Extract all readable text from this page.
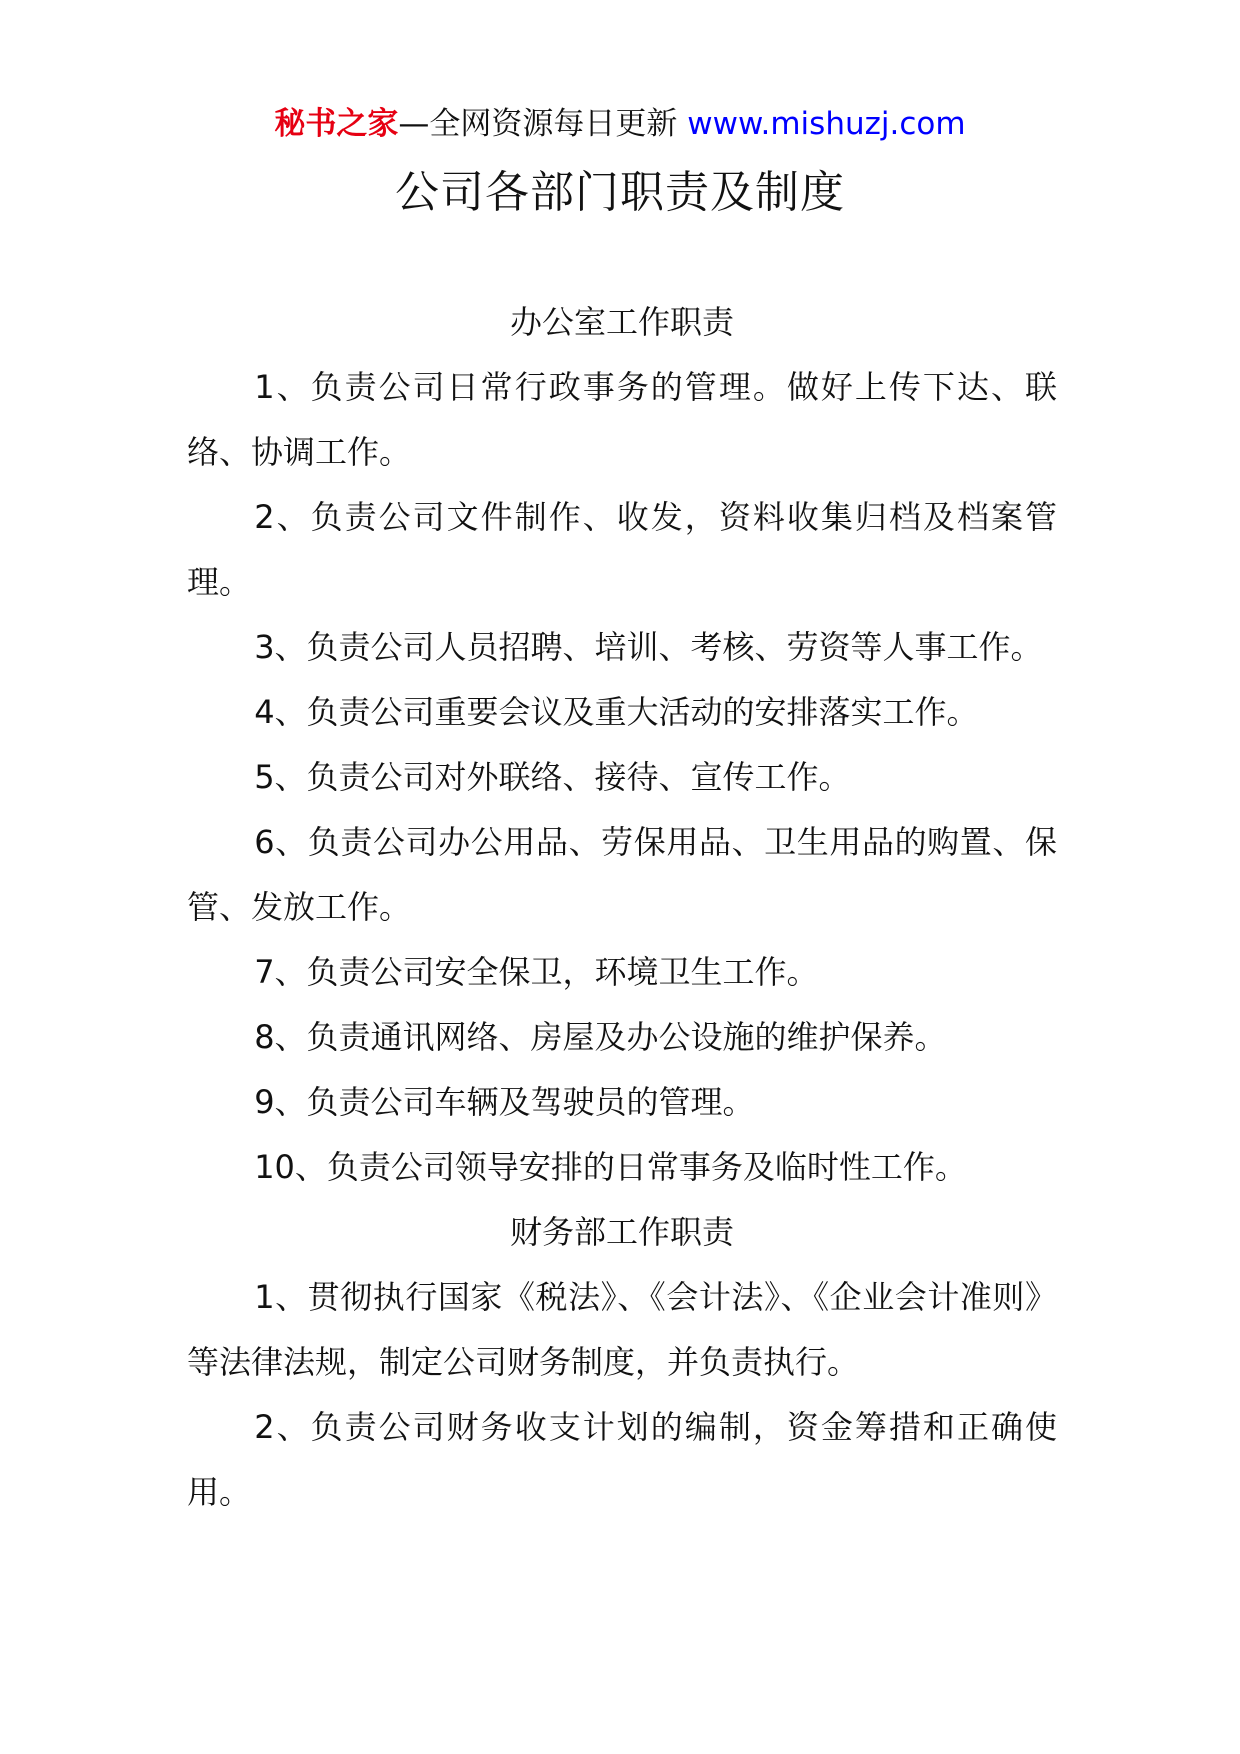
秘书之家—全网资源每日更新 www.mishuzj.com
公司各部门职责及制度

办公室工作职责

1、负责公司日常行政事务的管理。做好上传下达、联络、协调工作。

2、负责公司文件制作、收发，资料收集归档及档案管理。

3、负责公司人员招聘、培训、考核、劳资等人事工作。

4、负责公司重要会议及重大活动的安排落实工作。

5、负责公司对外联络、接待、宣传工作。

6、负责公司办公用品、劳保用品、卫生用品的购置、保管、发放工作。

7、负责公司安全保卫，环境卫生工作。

8、负责通讯网络、房屋及办公设施的维护保养。

9、负责公司车辆及驾驶员的管理。

10、负责公司领导安排的日常事务及临时性工作。

财务部工作职责

1、贯彻执行国家《税法》、《会计法》、《企业会计准则》等法律法规，制定公司财务制度，并负责执行。

2、负责公司财务收支计划的编制，资金筹措和正确使用。
